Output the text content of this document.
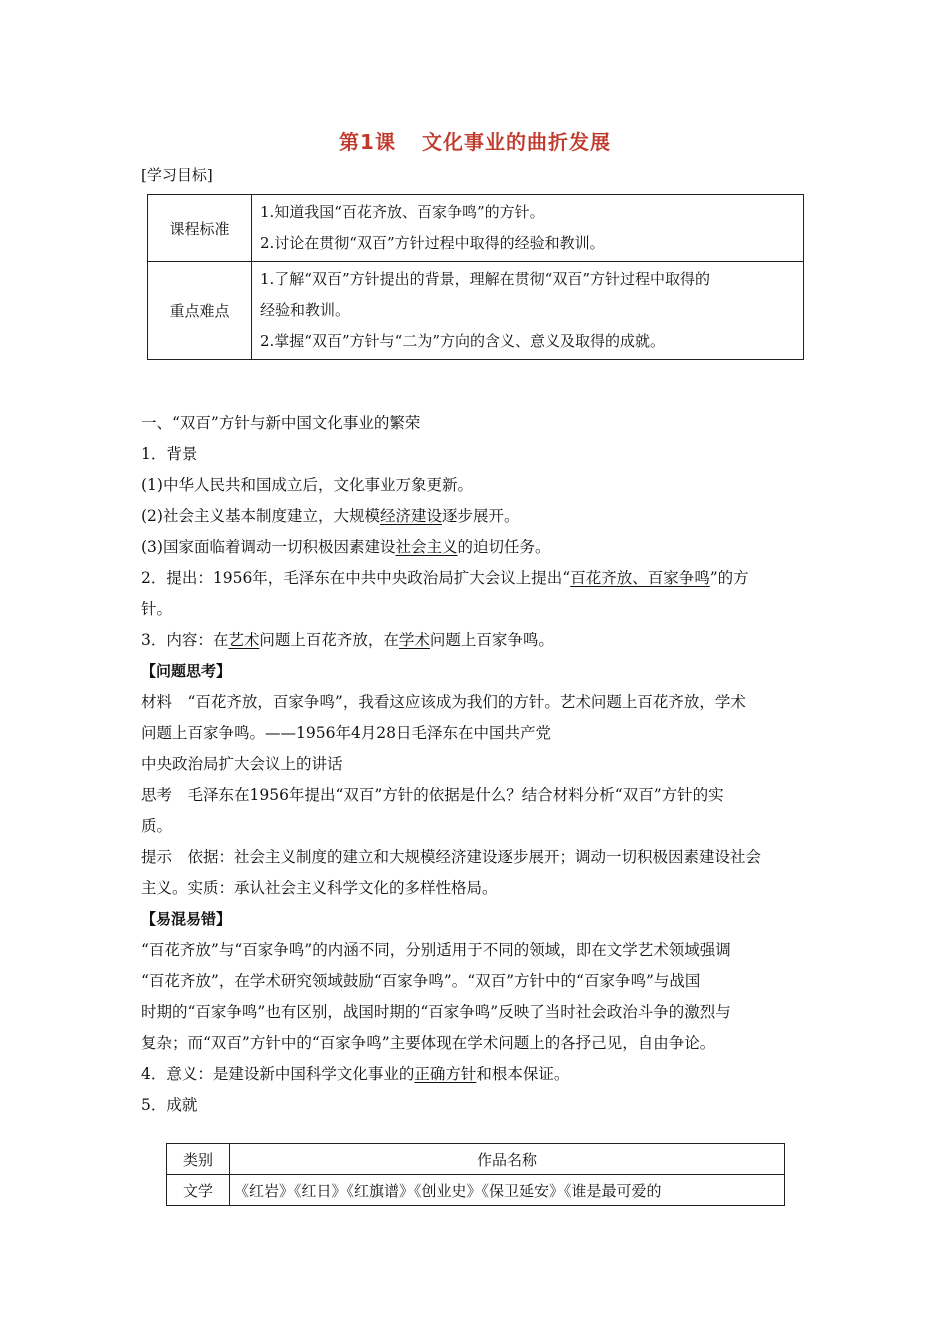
第1课 文化事业的曲折发展
[学习目标]
课程标准	1.知道我国“百花齐放、百家争鸣”的方针。
2.讨论在贯彻“双百”方针过程中取得的经验和教训。

重点难点	1.了解“双百”方针提出的背景，理解在贯彻“双百”方针过程中取得的
经验和教训。
2.掌握“双百”方针与“二为”方向的含义、意义及取得的成就。
一、“双百”方针与新中国文化事业的繁荣
1．背景
(1)中华人民共和国成立后，文化事业万象更新。
(2)社会主义基本制度建立，大规模经济建设逐步展开。
(3)国家面临着调动一切积极因素建设社会主义的迫切任务。
2．提出：1956年，毛泽东在中共中央政治局扩大会议上提出“百花齐放、百家争鸣”的方
针。
3．内容：在艺术问题上百花齐放，在学术问题上百家争鸣。
【问题思考】
材料　“百花齐放，百家争鸣”，我看这应该成为我们的方针。艺术问题上百花齐放，学术
问题上百家争鸣。——1956年4月28日毛泽东在中国共产党
中央政治局扩大会议上的讲话
思考　毛泽东在1956年提出“双百”方针的依据是什么？结合材料分析“双百”方针的实
质。
提示　依据：社会主义制度的建立和大规模经济建设逐步展开；调动一切积极因素建设社会
主义。实质：承认社会主义科学文化的多样性格局。
【易混易错】
“百花齐放”与“百家争鸣”的内涵不同，分别适用于不同的领域，即在文学艺术领域强调
“百花齐放”，在学术研究领域鼓励“百家争鸣”。“双百”方针中的“百家争鸣”与战国
时期的“百家争鸣”也有区别，战国时期的“百家争鸣”反映了当时社会政治斗争的激烈与
复杂；而“双百”方针中的“百家争鸣”主要体现在学术问题上的各抒己见，自由争论。
4．意义：是建设新中国科学文化事业的正确方针和根本保证。
5．成就
类别	作品名称
文学	《红岩》《红日》《红旗谱》《创业史》《保卫延安》《谁是最可爱的
